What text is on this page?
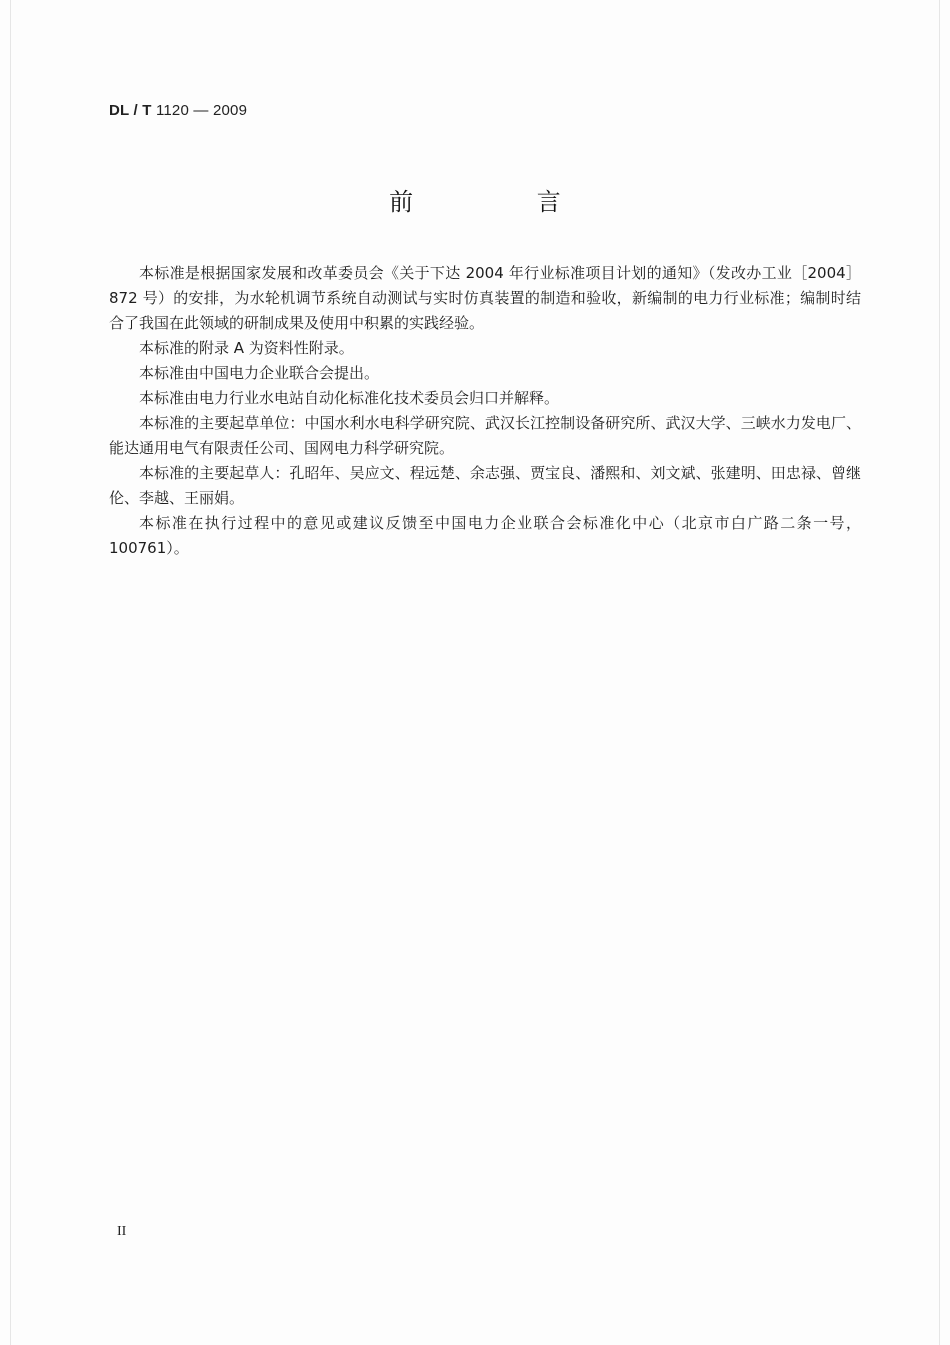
DL / T 1120 — 2009
前 言

本标准是根据国家发展和改革委员会《关于下达 2004 年行业标准项目计划的通知》（发改办工业［2004］872 号）的安排，为水轮机调节系统自动测试与实时仿真装置的制造和验收，新编制的电力行业标准；编制时结合了我国在此领域的研制成果及使用中积累的实践经验。

本标准的附录 A 为资料性附录。

本标准由中国电力企业联合会提出。

本标准由电力行业水电站自动化标准化技术委员会归口并解释。

本标准的主要起草单位：中国水利水电科学研究院、武汉长江控制设备研究所、武汉大学、三峡水力发电厂、能达通用电气有限责任公司、国网电力科学研究院。

本标准的主要起草人：孔昭年、吴应文、程远楚、余志强、贾宝良、潘熙和、刘文斌、张建明、田忠禄、曾继伦、李越、王丽娟。

本标准在执行过程中的意见或建议反馈至中国电力企业联合会标准化中心（北京市白广路二条一号，100761）。

II
